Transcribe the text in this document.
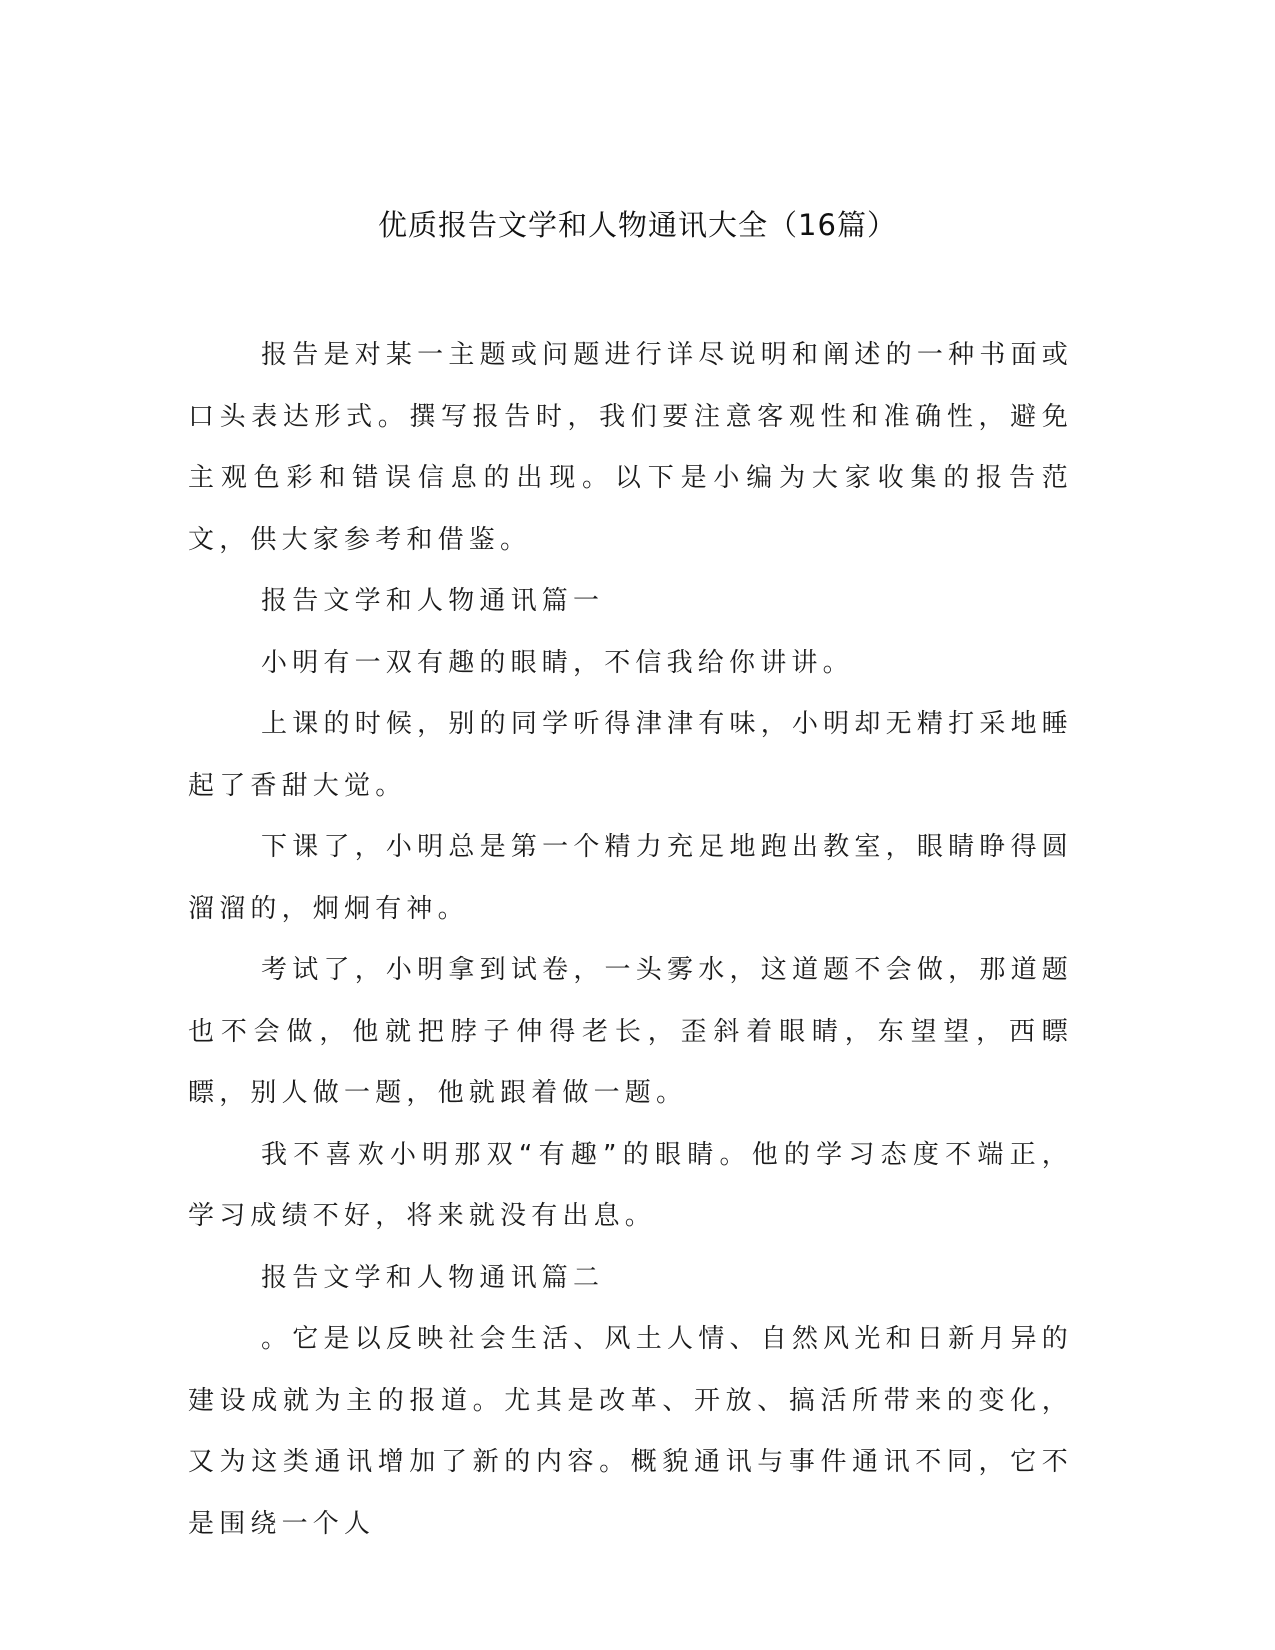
优质报告文学和人物通讯大全（16篇）

报告是对某一主题或问题进行详尽说明和阐述的一种书面或口头表达形式。撰写报告时，我们要注意客观性和准确性，避免主观色彩和错误信息的出现。以下是小编为大家收集的报告范文，供大家参考和借鉴。

报告文学和人物通讯篇一

小明有一双有趣的眼睛，不信我给你讲讲。

上课的时候，别的同学听得津津有味，小明却无精打采地睡起了香甜大觉。

下课了，小明总是第一个精力充足地跑出教室，眼睛睁得圆溜溜的，炯炯有神。

考试了，小明拿到试卷，一头雾水，这道题不会做，那道题也不会做，他就把脖子伸得老长，歪斜着眼睛，东望望，西瞟瞟，别人做一题，他就跟着做一题。

我不喜欢小明那双“有趣”的眼睛。他的学习态度不端正，学习成绩不好，将来就没有出息。

报告文学和人物通讯篇二

。它是以反映社会生活、风土人情、自然风光和日新月异的建设成就为主的报道。尤其是改革、开放、搞活所带来的变化，又为这类通讯增加了新的内容。概貌通讯与事件通讯不同，它不是围绕一个人
